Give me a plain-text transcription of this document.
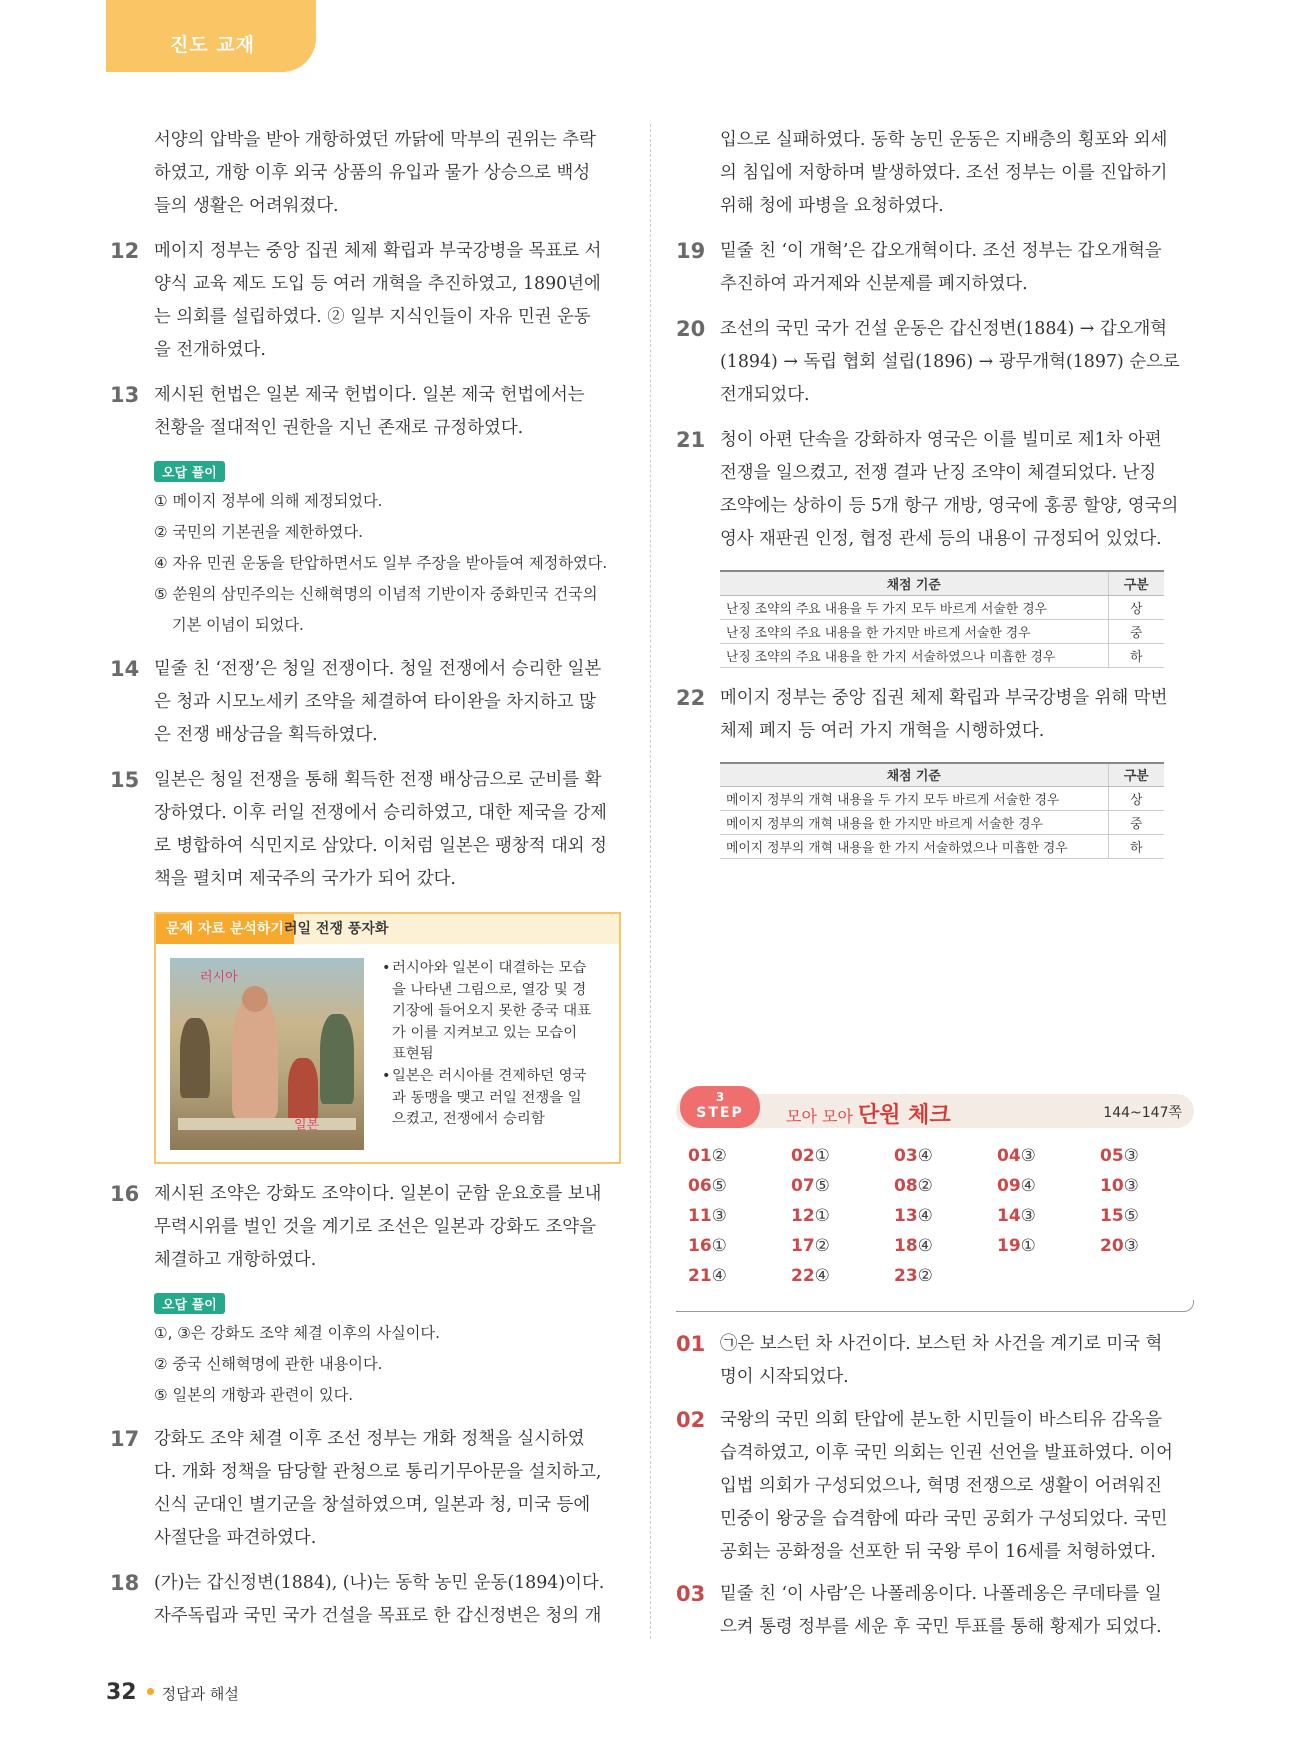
진도 교재
서양의 압박을 받아 개항하였던 까닭에 막부의 권위는 추락
하였고, 개항 이후 외국 상품의 유입과 물가 상승으로 백성
들의 생활은 어려워졌다.
12 메이지 정부는 중앙 집권 체제 확립과 부국강병을 목표로 서
양식 교육 제도 도입 등 여러 개혁을 추진하였고, 1890년에
는 의회를 설립하였다. ② 일부 지식인들이 자유 민권 운동
을 전개하였다.
13 제시된 헌법은 일본 제국 헌법이다. 일본 제국 헌법에서는
천황을 절대적인 권한을 지닌 존재로 규정하였다.
오답 풀이
① 메이지 정부에 의해 제정되었다.
② 국민의 기본권을 제한하였다.
④ 자유 민권 운동을 탄압하면서도 일부 주장을 받아들여 제정하였다.
⑤ 쑨원의 삼민주의는 신해혁명의 이념적 기반이자 중화민국 건국의
기본 이념이 되었다.
14 밑줄 친 ‘전쟁’은 청일 전쟁이다. 청일 전쟁에서 승리한 일본
은 청과 시모노세키 조약을 체결하여 타이완을 차지하고 많
은 전쟁 배상금을 획득하였다.
15 일본은 청일 전쟁을 통해 획득한 전쟁 배상금으로 군비를 확
장하였다. 이후 러일 전쟁에서 승리하였고, 대한 제국을 강제
로 병합하여 식민지로 삼았다. 이처럼 일본은 팽창적 대외 정
책을 펼치며 제국주의 국가가 되어 갔다.
문제 자료 분석하기 러일 전쟁 풍자화
러시아
일본
• 러시아와 일본이 대결하는 모습
을 나타낸 그림으로, 열강 및 경
기장에 들어오지 못한 중국 대표
가 이를 지켜보고 있는 모습이
표현됨
• 일본은 러시아를 견제하던 영국
과 동맹을 맺고 러일 전쟁을 일
으켰고, 전쟁에서 승리함
16 제시된 조약은 강화도 조약이다. 일본이 군함 운요호를 보내
무력시위를 벌인 것을 계기로 조선은 일본과 강화도 조약을
체결하고 개항하였다.
오답 풀이
①, ③은 강화도 조약 체결 이후의 사실이다.
② 중국 신해혁명에 관한 내용이다.
⑤ 일본의 개항과 관련이 있다.
17 강화도 조약 체결 이후 조선 정부는 개화 정책을 실시하였
다. 개화 정책을 담당할 관청으로 통리기무아문을 설치하고,
신식 군대인 별기군을 창설하였으며, 일본과 청, 미국 등에
사절단을 파견하였다.
18 (가)는 갑신정변(1884), (나)는 동학 농민 운동(1894)이다.
자주독립과 국민 국가 건설을 목표로 한 갑신정변은 청의 개
입으로 실패하였다. 동학 농민 운동은 지배층의 횡포와 외세
의 침입에 저항하며 발생하였다. 조선 정부는 이를 진압하기
위해 청에 파병을 요청하였다.
19 밑줄 친 ‘이 개혁’은 갑오개혁이다. 조선 정부는 갑오개혁을
추진하여 과거제와 신분제를 폐지하였다.
20 조선의 국민 국가 건설 운동은 갑신정변(1884) → 갑오개혁
(1894) → 독립 협회 설립(1896) → 광무개혁(1897) 순으로
전개되었다.
21 청이 아편 단속을 강화하자 영국은 이를 빌미로 제1차 아편
전쟁을 일으켰고, 전쟁 결과 난징 조약이 체결되었다. 난징
조약에는 상하이 등 5개 항구 개방, 영국에 홍콩 할양, 영국의
영사 재판권 인정, 협정 관세 등의 내용이 규정되어 있었다.
채점 기준	구분
난징 조약의 주요 내용을 두 가지 모두 바르게 서술한 경우	상
난징 조약의 주요 내용을 한 가지만 바르게 서술한 경우	중
난징 조약의 주요 내용을 한 가지 서술하였으나 미흡한 경우	하
22 메이지 정부는 중앙 집권 체제 확립과 부국강병을 위해 막번
체제 폐지 등 여러 가지 개혁을 시행하였다.
채점 기준	구분
메이지 정부의 개혁 내용을 두 가지 모두 바르게 서술한 경우	상
메이지 정부의 개혁 내용을 한 가지만 바르게 서술한 경우	중
메이지 정부의 개혁 내용을 한 가지 서술하였으나 미흡한 경우	하
3
STEP	모아 모아 단원 체크	144~147쪽
01②	02①	03④	04③	05③
06⑤	07⑤	08②	09④	10③
11③	12①	13④	14③	15⑤
16①	17②	18④	19①	20③
21④	22④	23②
01 ㉠은 보스턴 차 사건이다. 보스턴 차 사건을 계기로 미국 혁
명이 시작되었다.
02 국왕의 국민 의회 탄압에 분노한 시민들이 바스티유 감옥을
습격하였고, 이후 국민 의회는 인권 선언을 발표하였다. 이어
입법 의회가 구성되었으나, 혁명 전쟁으로 생활이 어려워진
민중이 왕궁을 습격함에 따라 국민 공회가 구성되었다. 국민
공회는 공화정을 선포한 뒤 국왕 루이 16세를 처형하였다.
03 밑줄 친 ‘이 사람’은 나폴레옹이다. 나폴레옹은 쿠데타를 일
으켜 통령 정부를 세운 후 국민 투표를 통해 황제가 되었다.
32 정답과 해설
